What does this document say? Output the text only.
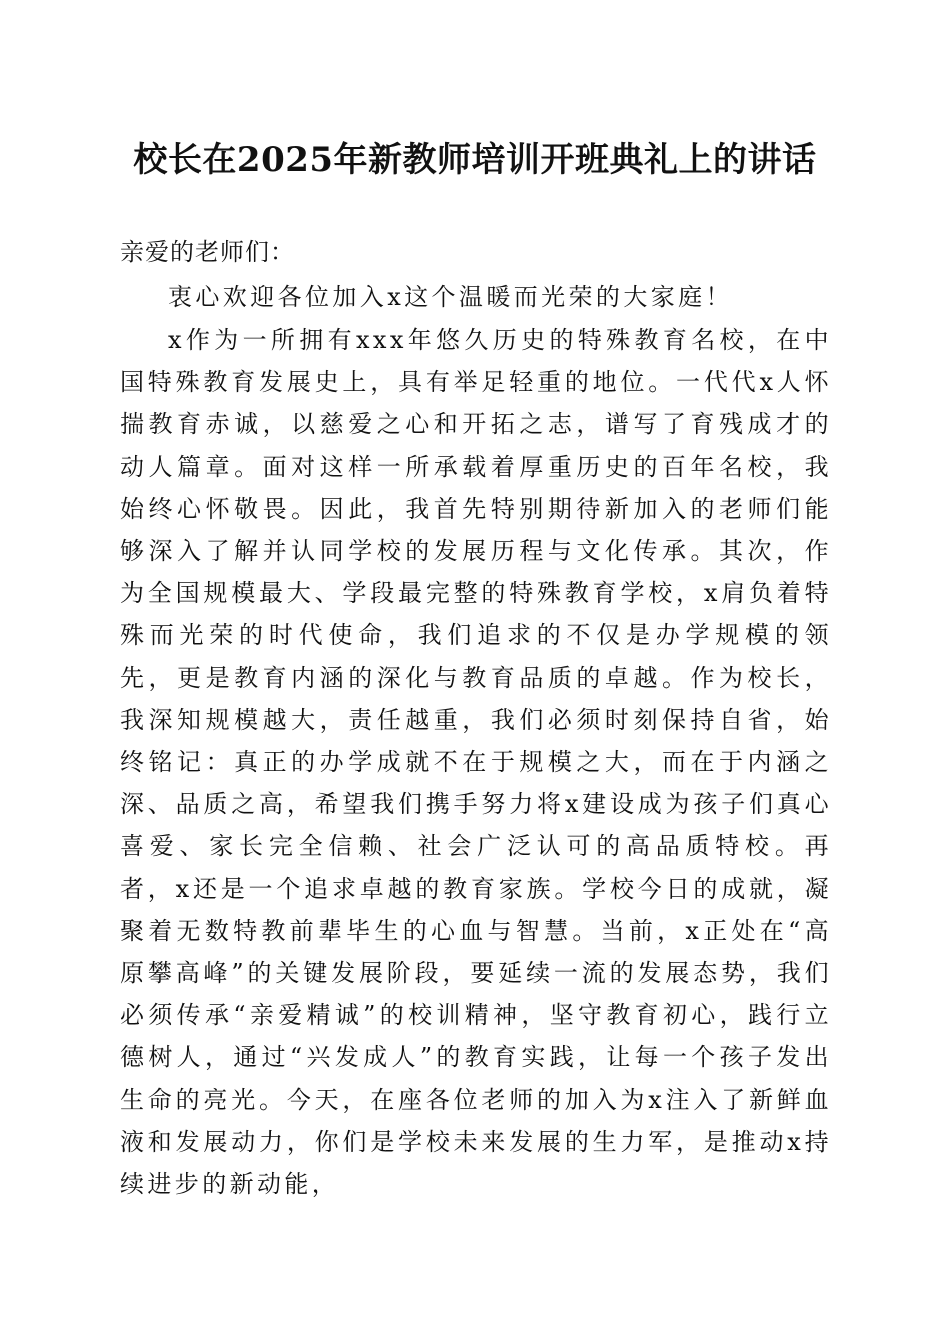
校长在2025年新教师培训开班典礼上的讲话

亲爱的老师们：

衷心欢迎各位加入x这个温暖而光荣的大家庭！

x作为一所拥有xxx年悠久历史的特殊教育名校，在中国特殊教育发展史上，具有举足轻重的地位。一代代x人怀揣教育赤诚，以慈爱之心和开拓之志，谱写了育残成才的动人篇章。面对这样一所承载着厚重历史的百年名校，我始终心怀敬畏。因此，我首先特别期待新加入的老师们能够深入了解并认同学校的发展历程与文化传承。其次，作为全国规模最大、学段最完整的特殊教育学校，x肩负着特殊而光荣的时代使命，我们追求的不仅是办学规模的领先，更是教育内涵的深化与教育品质的卓越。作为校长，我深知规模越大，责任越重，我们必须时刻保持自省，始终铭记：真正的办学成就不在于规模之大，而在于内涵之深、品质之高，希望我们携手努力将x建设成为孩子们真心喜爱、家长完全信赖、社会广泛认可的高品质特校。再者，x还是一个追求卓越的教育家族。学校今日的成就，凝聚着无数特教前辈毕生的心血与智慧。当前，x正处在“高原攀高峰”的关键发展阶段，要延续一流的发展态势，我们必须传承“亲爱精诚”的校训精神，坚守教育初心，践行立德树人，通过“兴发成人”的教育实践，让每一个孩子发出生命的亮光。今天，在座各位老师的加入为x注入了新鲜血液和发展动力，你们是学校未来发展的生力军，是推动x持续进步的新动能，
